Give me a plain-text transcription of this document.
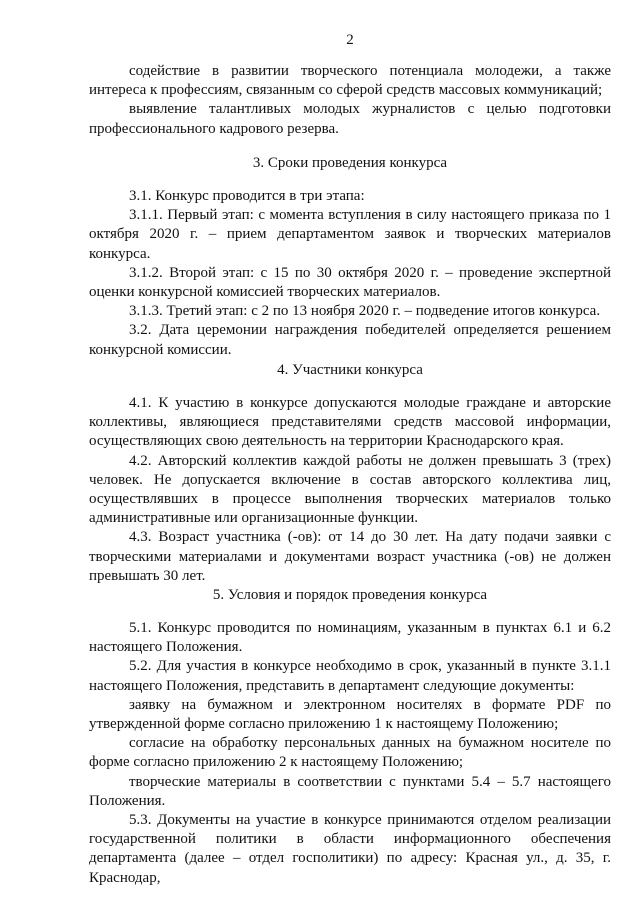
2

содействие в развитии творческого потенциала молодежи, а также интереса к профессиям, связанным со сферой средств массовых коммуникаций;

выявление талантливых молодых журналистов с целью подготовки профессионального кадрового резерва.

3. Сроки проведения конкурса

3.1. Конкурс проводится в три этапа:

3.1.1. Первый этап: с момента вступления в силу настоящего приказа по 1 октября 2020 г. – прием департаментом заявок и творческих материалов конкурса.

3.1.2. Второй этап: с 15 по 30 октября 2020 г. – проведение экспертной оценки конкурсной комиссией творческих материалов.

3.1.3. Третий этап: с 2 по 13 ноября 2020 г. – подведение итогов конкурса.

3.2. Дата церемонии награждения победителей определяется решением конкурсной комиссии.

4. Участники конкурса

4.1. К участию в конкурсе допускаются молодые граждане и авторские коллективы, являющиеся представителями средств массовой информации, осуществляющих свою деятельность на территории Краснодарского края.

4.2. Авторский коллектив каждой работы не должен превышать 3 (трех) человек. Не допускается включение в состав авторского коллектива лиц, осуществлявших в процессе выполнения творческих материалов только административные или организационные функции.

4.3. Возраст участника (-ов): от 14 до 30 лет. На дату подачи заявки с творческими материалами и документами возраст участника (-ов) не должен превышать 30 лет.

5. Условия и порядок проведения конкурса

5.1. Конкурс проводится по номинациям, указанным в пунктах 6.1 и 6.2 настоящего Положения.

5.2. Для участия в конкурсе необходимо в срок, указанный в пункте 3.1.1 настоящего Положения, представить в департамент следующие документы:

заявку на бумажном и электронном носителях в формате PDF по утвержденной форме согласно приложению 1 к настоящему Положению;

согласие на обработку персональных данных на бумажном носителе по форме согласно приложению 2 к настоящему Положению;

творческие материалы в соответствии с пунктами 5.4 – 5.7 настоящего Положения.

5.3. Документы на участие в конкурсе принимаются отделом реализации государственной политики в области информационного обеспечения департамента (далее – отдел госполитики) по адресу: Красная ул., д. 35, г. Краснодар,
